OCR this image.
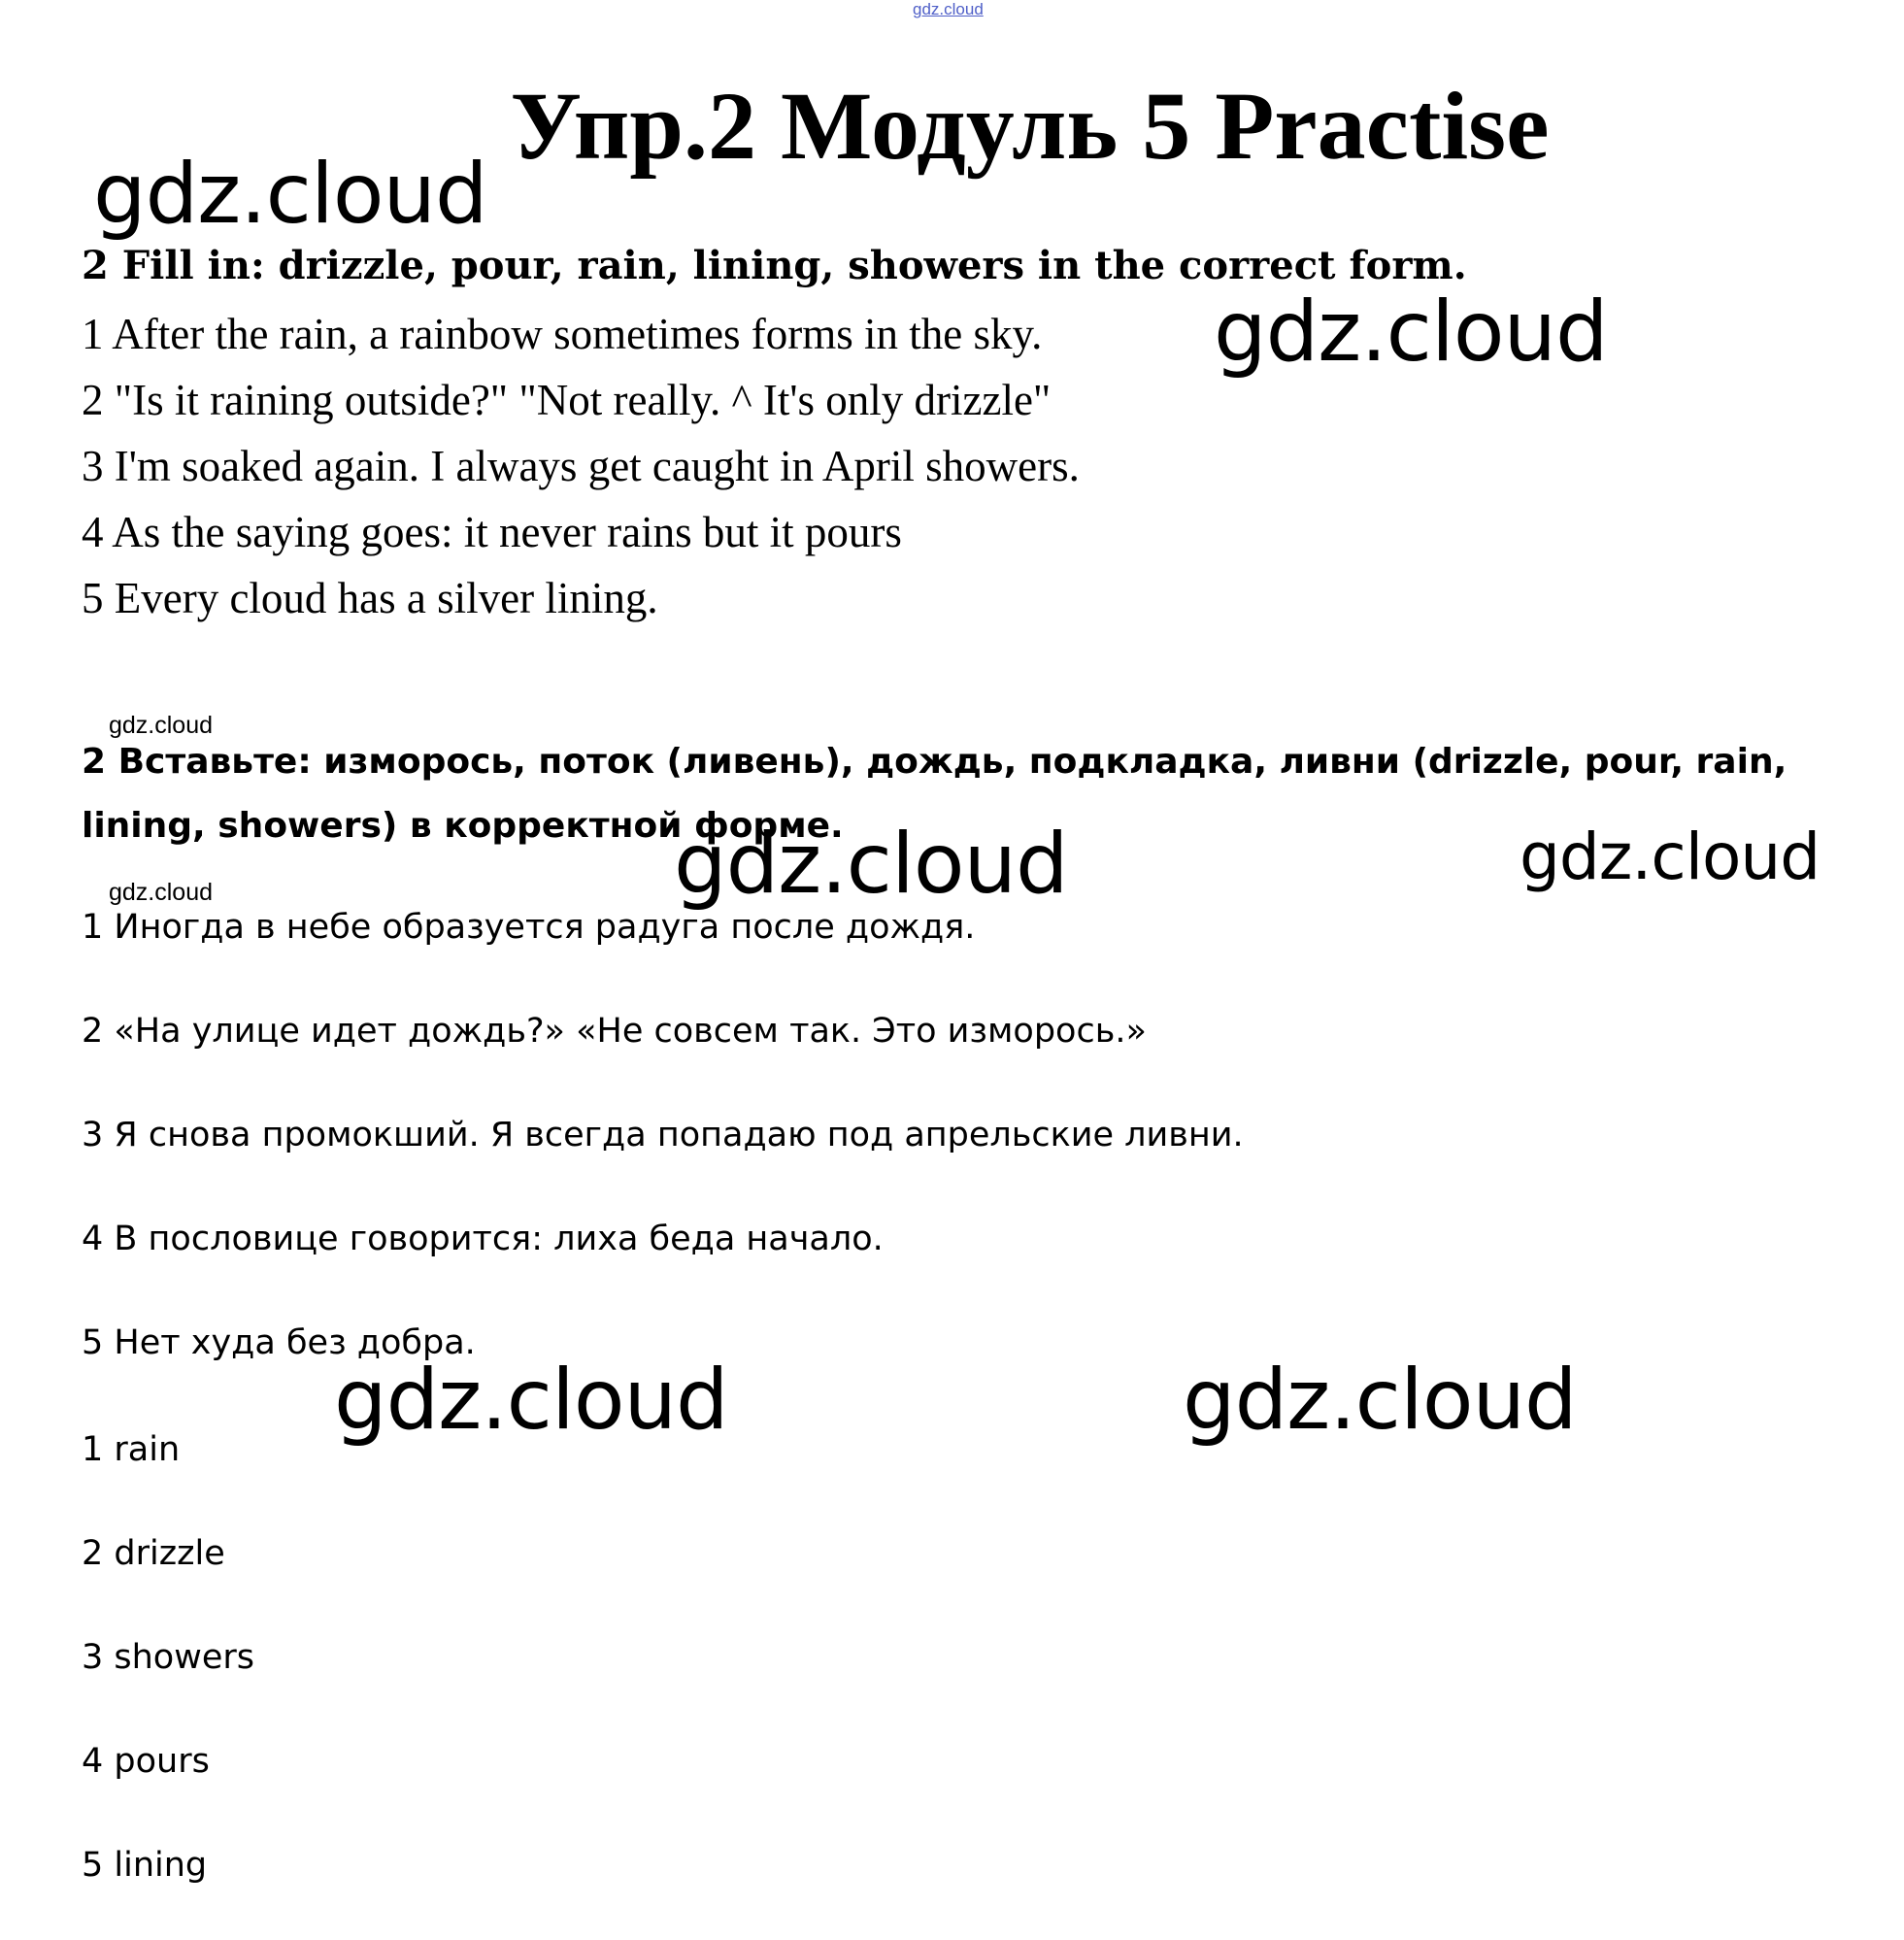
gdz.cloud
Упр.2 Модуль 5 Practise
gdz.cloud
gdz.cloud
gdz.cloud
gdz.cloud	gdz.cloud
gdz.cloud
gdz.cloud	gdz.cloud
2 Fill in: drizzle, pour, rain, lining, showers in the correct form.
1 After the rain, a rainbow sometimes forms in the sky.
2 "Is it raining outside?" "Not really. ^ It's only drizzle"
3 I'm soaked again. I always get caught in April showers.
4 As the saying goes: it never rains but it pours
5 Every cloud has a silver lining.
2 Вставьте: изморось, поток (ливень), дождь, подкладка, ливни (drizzle, pour, rain, lining, showers) в корректной форме.
1 Иногда в небе образуется радуга после дождя.
2 «На улице идет дождь?» «Не совсем так. Это изморось.»
3 Я снова промокший. Я всегда попадаю под апрельские ливни.
4 В пословице говорится: лиха беда начало.
5 Нет худа без добра.
1 rain
2 drizzle
3 showers
4 pours
5 lining
